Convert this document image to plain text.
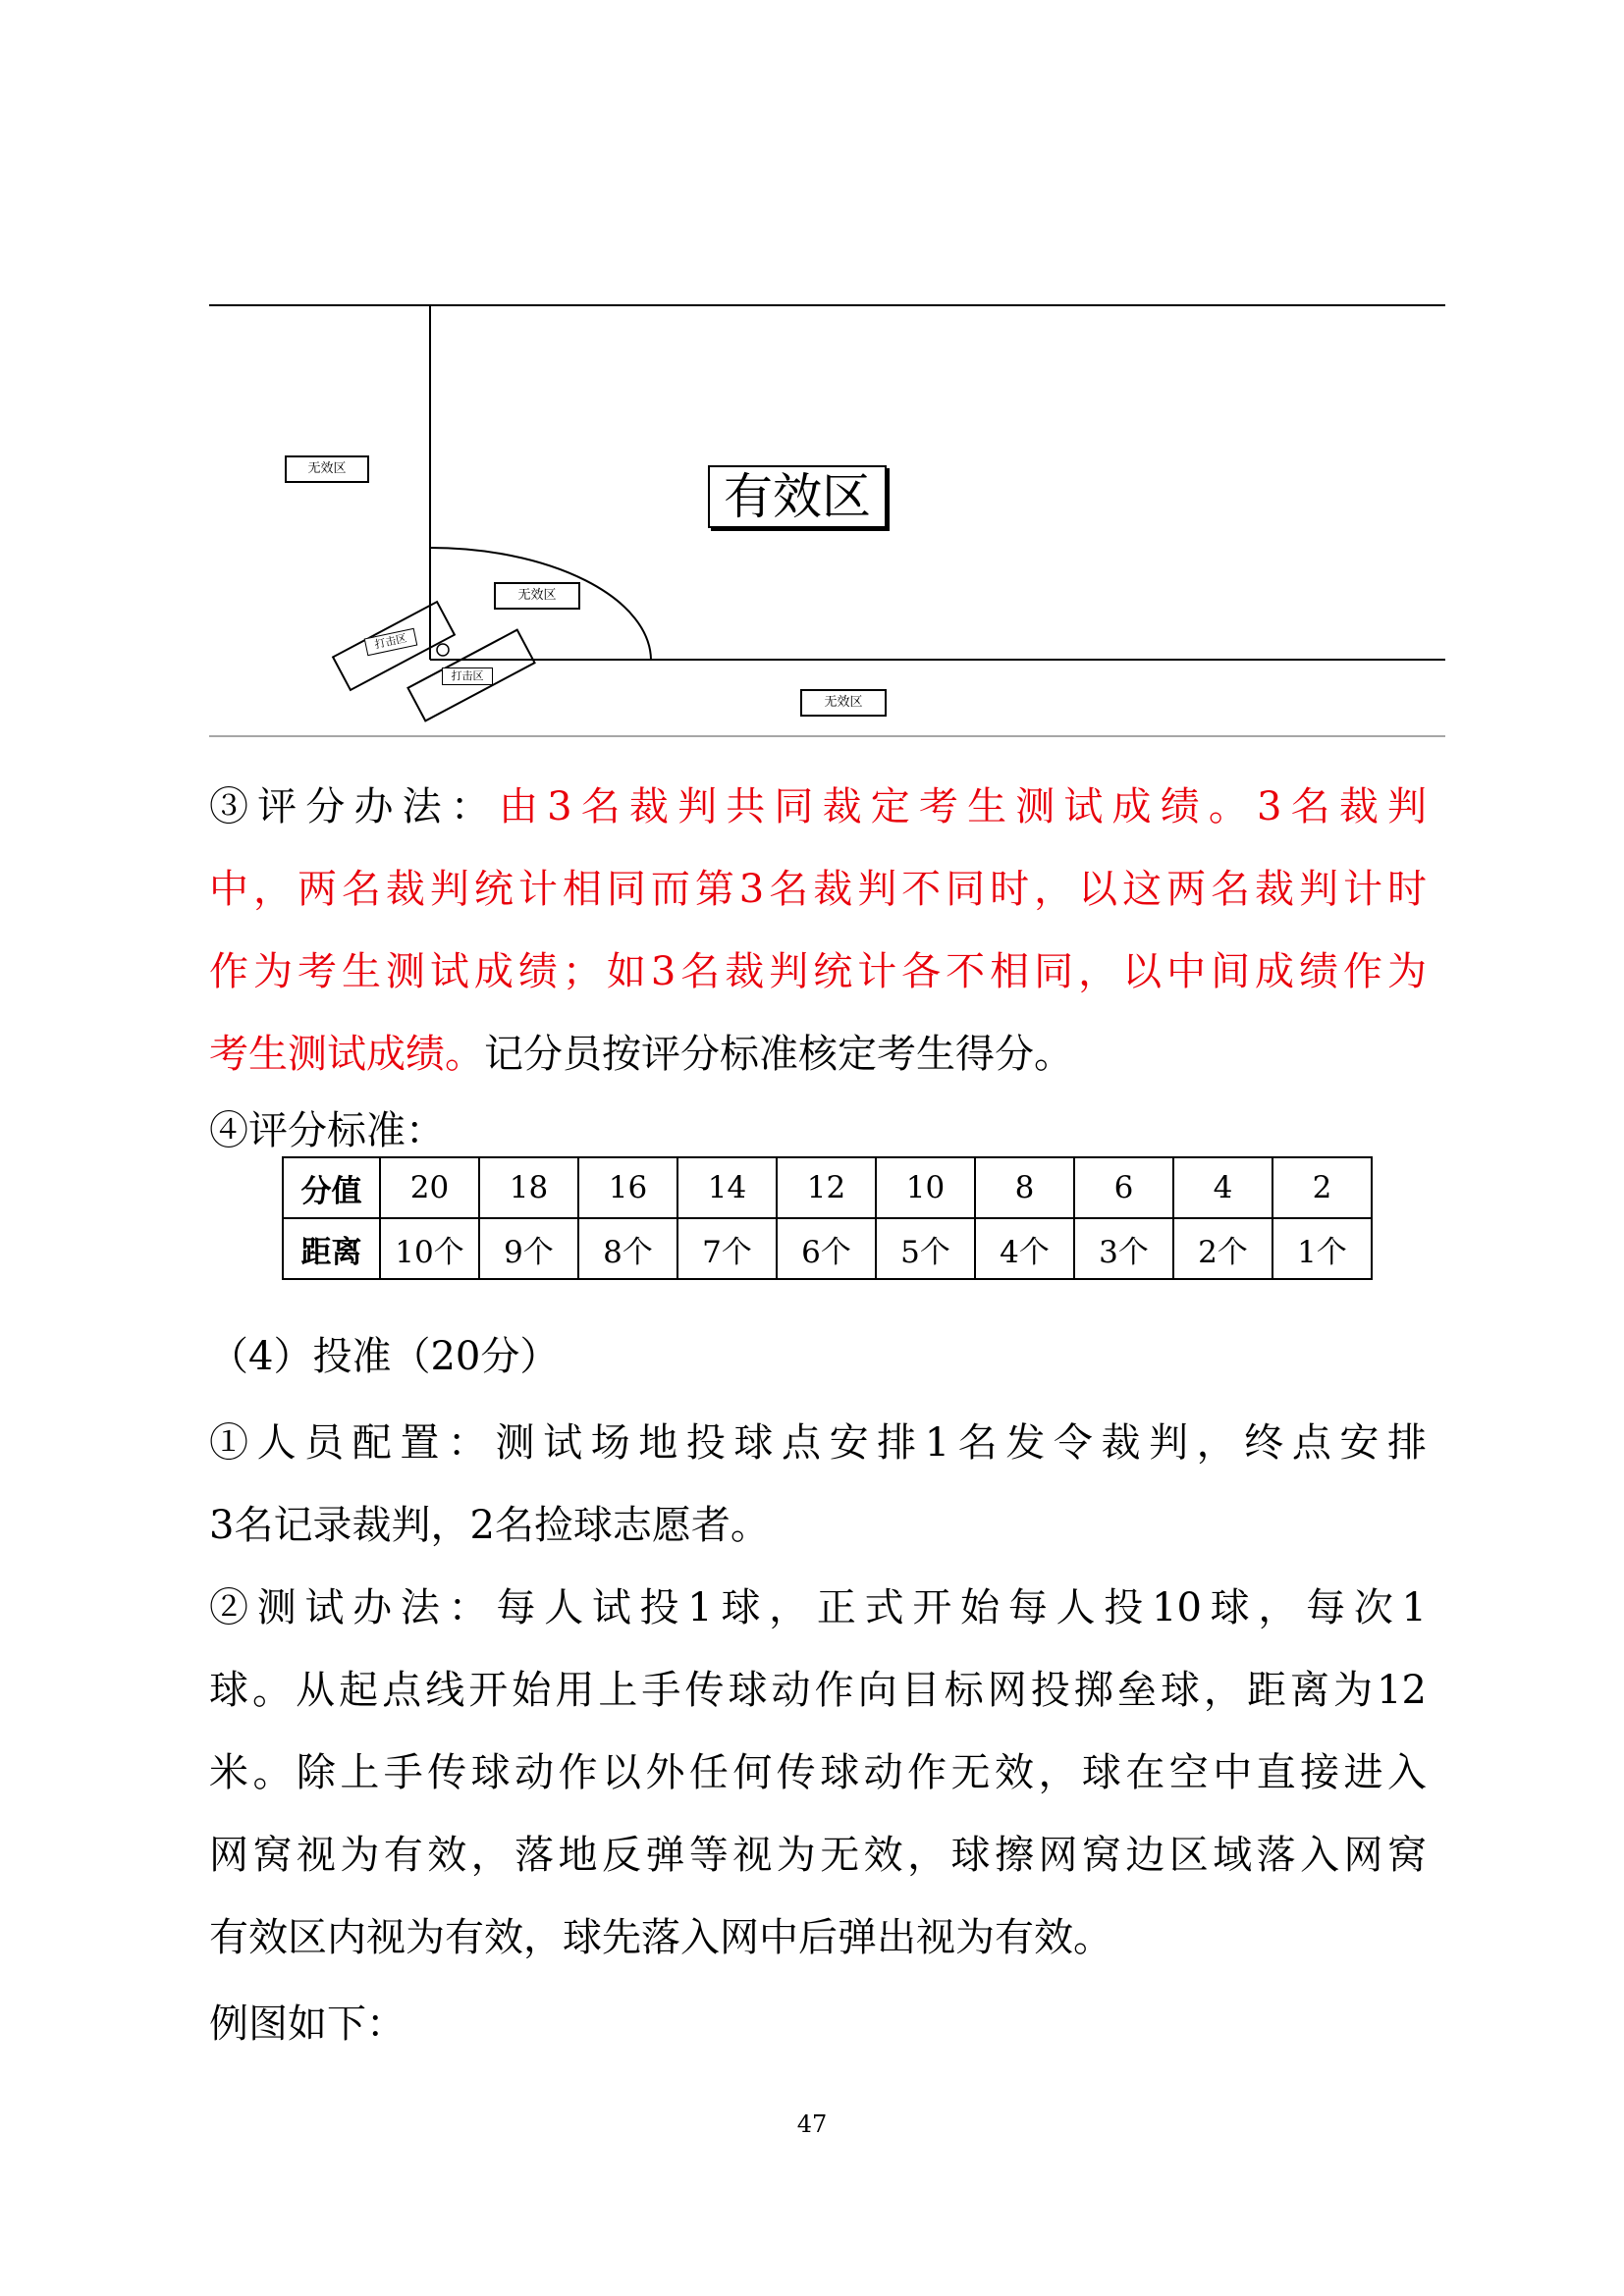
无效区	有效区
无效区
无效区
打击区
打击区
③评分办法：由3名裁判共同裁定考生测试成绩。3名裁判
中，两名裁判统计相同而第3名裁判不同时，以这两名裁判计时
作为考生测试成绩；如3名裁判统计各不相同，以中间成绩作为
考生测试成绩。记分员按评分标准核定考生得分。
④评分标准：
分值	20	18	16	14	12	10	8	6	4	2
距离	10个	9个	8个	7个	6个	5个	4个	3个	2个	1个
（4）投准（20分）
①人员配置：测试场地投球点安排1名发令裁判，终点安排
3名记录裁判，2名捡球志愿者。
②测试办法：每人试投1球，正式开始每人投10球，每次1
球。从起点线开始用上手传球动作向目标网投掷垒球，距离为12
米。除上手传球动作以外任何传球动作无效，球在空中直接进入
网窝视为有效，落地反弹等视为无效，球擦网窝边区域落入网窝
有效区内视为有效，球先落入网中后弹出视为有效。
例图如下：
47
